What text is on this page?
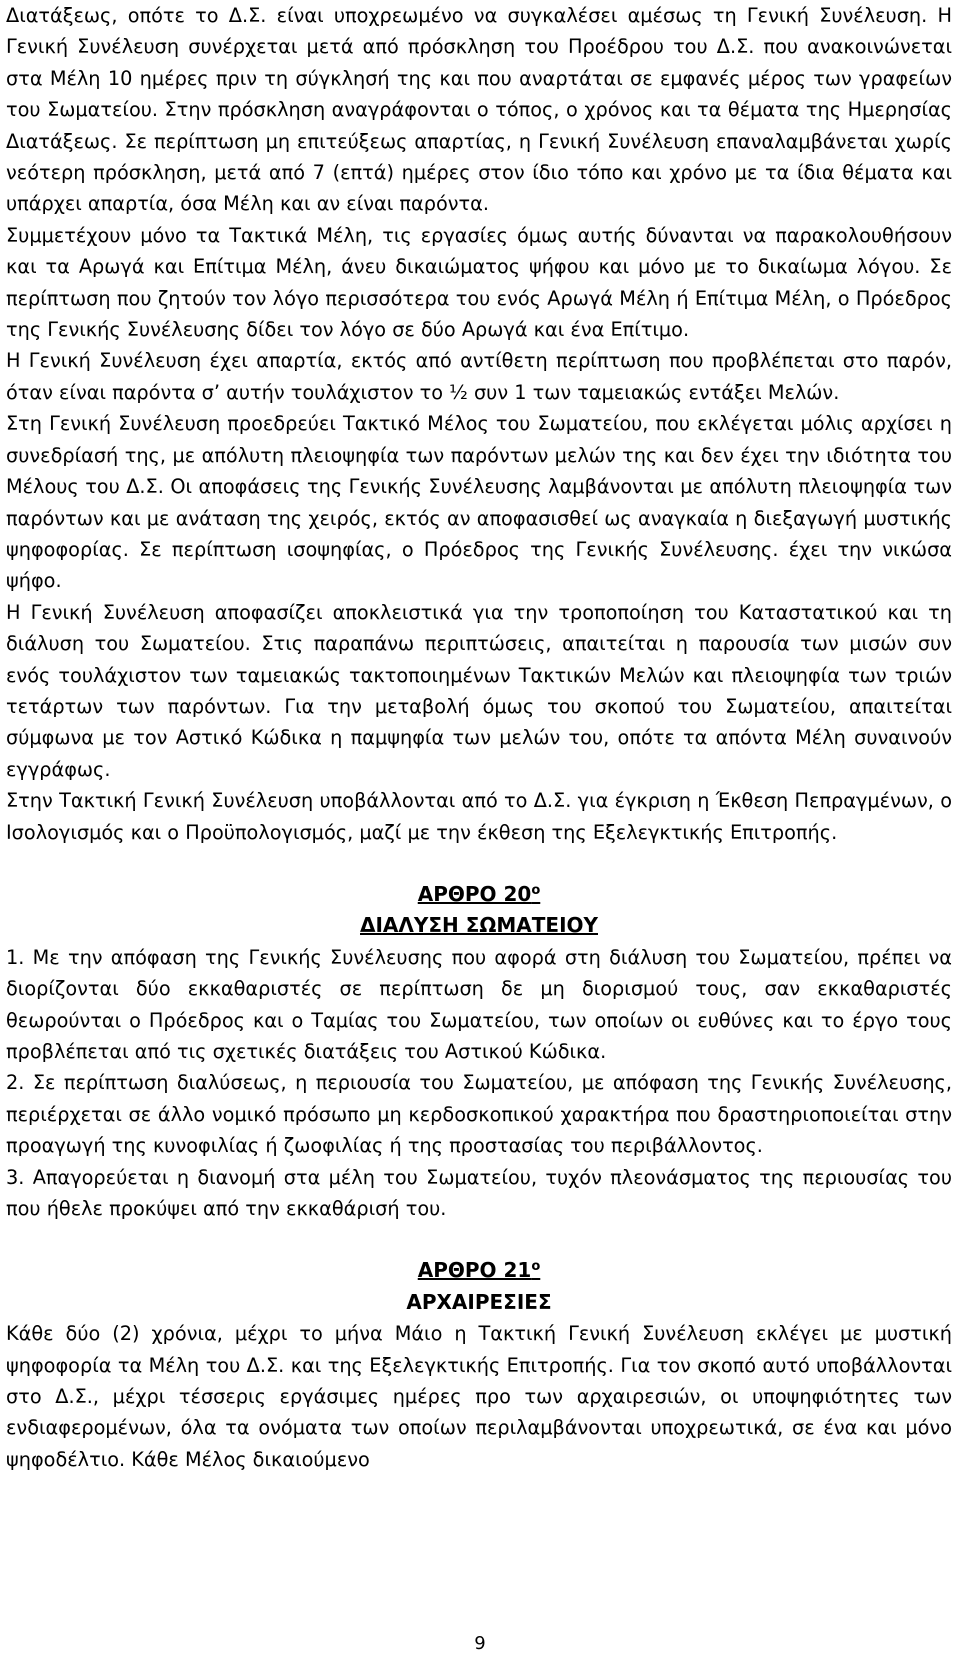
Διατάξεως, οπότε το Δ.Σ. είναι υποχρεωμένο να συγκαλέσει αμέσως τη Γενική Συνέλευση. Η Γενική Συνέλευση συνέρχεται μετά από πρόσκληση του Προέδρου του Δ.Σ. που ανακοινώνεται στα Μέλη 10 ημέρες πριν τη σύγκλησή της και που αναρτάται σε εμφανές μέρος των γραφείων του Σωματείου. Στην πρόσκληση αναγράφονται ο τόπος, ο χρόνος και τα θέματα της Ημερησίας Διατάξεως. Σε περίπτωση μη επιτεύξεως απαρτίας, η Γενική Συνέλευση επαναλαμβάνεται χωρίς νεότερη πρόσκληση, μετά από 7 (επτά) ημέρες στον ίδιο τόπο και χρόνο με τα ίδια θέματα και υπάρχει απαρτία, όσα Μέλη και αν είναι παρόντα.

Συμμετέχουν μόνο τα Τακτικά Μέλη, τις εργασίες όμως αυτής δύνανται να παρακολουθήσουν και τα Αρωγά και Επίτιμα Μέλη, άνευ δικαιώματος ψήφου και μόνο με το δικαίωμα λόγου. Σε περίπτωση που ζητούν τον λόγο περισσότερα του ενός Αρωγά Μέλη ή Επίτιμα Μέλη, ο Πρόεδρος της Γενικής Συνέλευσης δίδει τον λόγο σε δύο Αρωγά και ένα Επίτιμο.

Η Γενική Συνέλευση έχει απαρτία, εκτός από αντίθετη περίπτωση που προβλέπεται στο παρόν, όταν είναι παρόντα σ’ αυτήν τουλάχιστον το ½ συν 1 των ταμειακώς εντάξει Μελών.

Στη Γενική Συνέλευση προεδρεύει Τακτικό Μέλος του Σωματείου, που εκλέγεται μόλις αρχίσει η συνεδρίασή της, με απόλυτη πλειοψηφία των παρόντων μελών της και δεν έχει την ιδιότητα του Μέλους του Δ.Σ. Οι αποφάσεις της Γενικής Συνέλευσης λαμβάνονται με απόλυτη πλειοψηφία των παρόντων και με ανάταση της χειρός, εκτός αν αποφασισθεί ως αναγκαία η διεξαγωγή μυστικής ψηφοφορίας. Σε περίπτωση ισοψηφίας, ο Πρόεδρος της Γενικής Συνέλευσης. έχει την νικώσα ψήφο.

Η Γενική Συνέλευση αποφασίζει αποκλειστικά για την τροποποίηση του Καταστατικού και τη διάλυση του Σωματείου. Στις παραπάνω περιπτώσεις, απαιτείται η παρουσία των μισών συν ενός τουλάχιστον των ταμειακώς τακτοποιημένων Τακτικών Μελών και πλειοψηφία των τριών τετάρτων των παρόντων. Για την μεταβολή όμως του σκοπού του Σωματείου, απαιτείται σύμφωνα με τον Αστικό Κώδικα η παμψηφία των μελών του, οπότε τα απόντα Μέλη συναινούν εγγράφως.

Στην Τακτική Γενική Συνέλευση υποβάλλονται από το Δ.Σ. για έγκριση η Έκθεση Πεπραγμένων, ο Ισολογισμός και ο Προϋπολογισμός, μαζί με την έκθεση της Εξελεγκτικής Επιτροπής.

ΑΡΘΡΟ $20^o$
ΔΙΑΛΥΣΗ ΣΩΜΑΤΕΙΟΥ

1. Με την απόφαση της Γενικής Συνέλευσης που αφορά στη διάλυση του Σωματείου, πρέπει να διορίζονται δύο εκκαθαριστές σε περίπτωση δε μη διορισμού τους, σαν εκκαθαριστές θεωρούνται ο Πρόεδρος και ο Ταμίας του Σωματείου, των οποίων οι ευθύνες και το έργο τους προβλέπεται από τις σχετικές διατάξεις του Αστικού Κώδικα.

2. Σε περίπτωση διαλύσεως, η περιουσία του Σωματείου, με απόφαση της Γενικής Συνέλευσης, περιέρχεται σε άλλο νομικό πρόσωπο μη κερδοσκοπικού χαρακτήρα που δραστηριοποιείται στην προαγωγή της κυνοφιλίας ή ζωοφιλίας ή της προστασίας του περιβάλλοντος.

3. Απαγορεύεται η διανομή στα μέλη του Σωματείου, τυχόν πλεονάσματος της περιουσίας του που ήθελε προκύψει από την εκκαθάρισή του.

ΑΡΘΡΟ $21^o$
ΑΡΧΑΙΡΕΣΙΕΣ

Κάθε δύο (2) χρόνια, μέχρι το μήνα Μάιο η Τακτική Γενική Συνέλευση εκλέγει με μυστική ψηφοφορία τα Μέλη του Δ.Σ. και της Εξελεγκτικής Επιτροπής. Για τον σκοπό αυτό υποβάλλονται στο Δ.Σ., μέχρι τέσσερις εργάσιμες ημέρες προ των αρχαιρεσιών, οι υποψηφιότητες των ενδιαφερομένων, όλα τα ονόματα των οποίων περιλαμβάνονται υποχρεωτικά, σε ένα και μόνο ψηφοδέλτιο. Κάθε Μέλος δικαιούμενο

9
